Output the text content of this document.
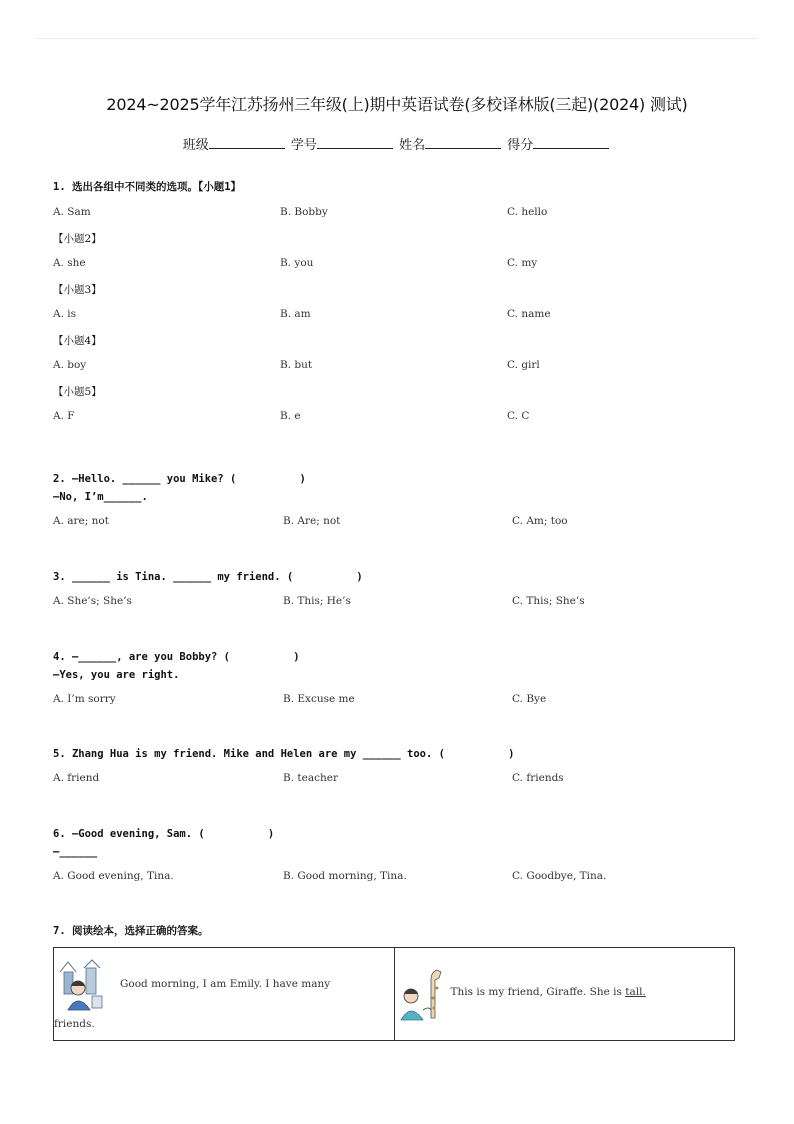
2024~2025学年江苏扬州三年级(上)期中英语试卷(多校译林版(三起)(2024) 测试)
班级	学号	姓名	得分
1. 选出各组中不同类的选项。【小题1】
A. Sam	B. Bobby	C. hello
【小题2】
A. she	B. you	C. my
【小题3】
A. is	B. am	C. name
【小题4】
A. boy	B. but	C. girl
【小题5】
A. F	B. e	C. C
2. —Hello. ______ you Mike? (          )
—No, I’m______.
A. are; not	B. Are; not	C. Am; too
3. ______ is Tina. ______ my friend. (          )
A. She’s; She’s	B. This; He’s	C. This; She’s
4. —______, are you Bobby? (          )
—Yes, you are right.
A. I’m sorry	B. Excuse me	C. Bye
5. Zhang Hua is my friend. Mike and Helen are my ______ too. (          )
A. friend	B. teacher	C. friends
6. —Good evening, Sam. (          )
—______
A. Good evening, Tina.	B. Good morning, Tina.	C. Goodbye, Tina.
7. 阅读绘本，选择正确的答案。
Good morning, I am Emily. I have many
friends.

This is my friend, Giraffe. She is tall.
